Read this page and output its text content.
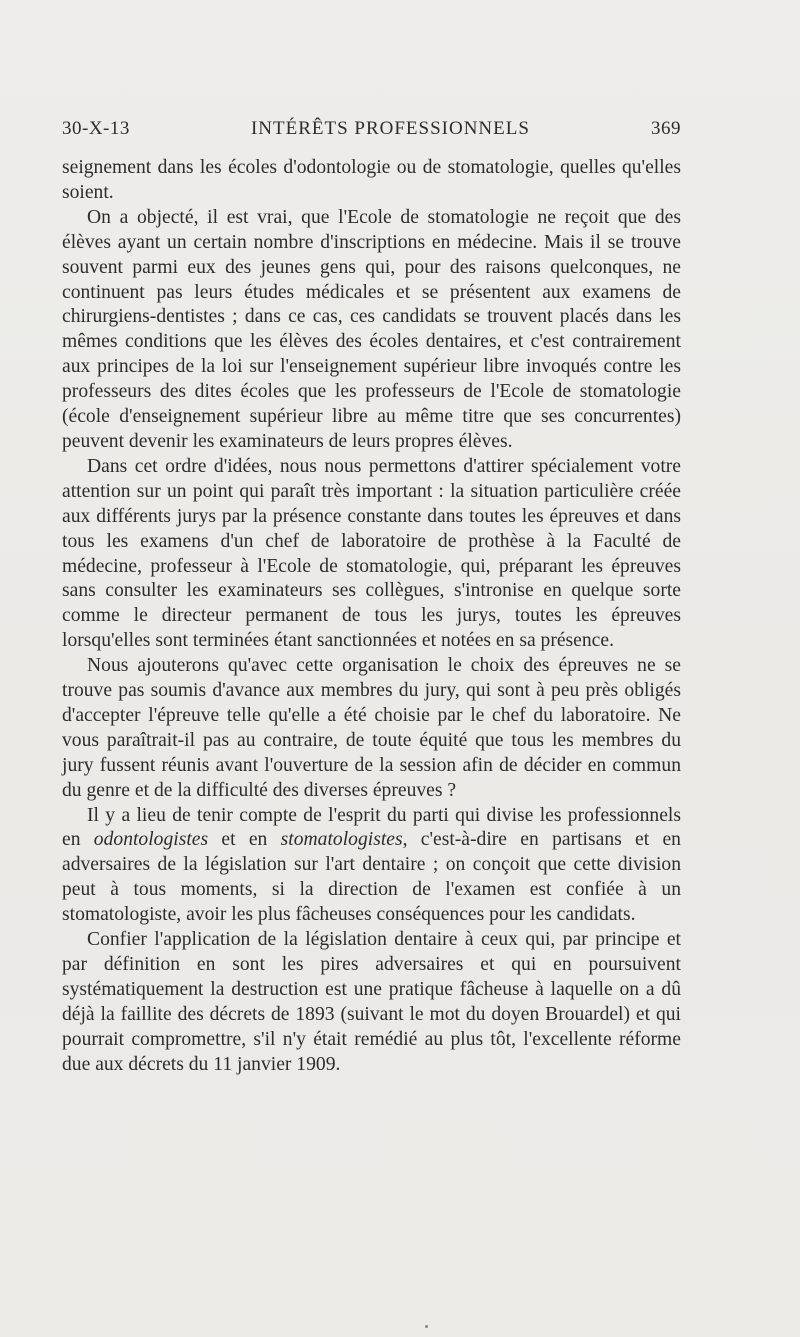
30-X-13	INTÉRÊTS PROFESSIONNELS	369

seignement dans les écoles d'odontologie ou de stomatologie, quelles qu'elles soient.

On a objecté, il est vrai, que l'Ecole de stomatologie ne reçoit que des élèves ayant un certain nombre d'inscriptions en médecine. Mais il se trouve souvent parmi eux des jeunes gens qui, pour des raisons quelconques, ne continuent pas leurs études médicales et se présentent aux examens de chirurgiens-dentistes ; dans ce cas, ces candidats se trouvent placés dans les mêmes conditions que les élèves des écoles dentaires, et c'est contrairement aux principes de la loi sur l'enseignement supérieur libre invoqués contre les professeurs des dites écoles que les professeurs de l'Ecole de stomatologie (école d'enseignement supérieur libre au même titre que ses concurrentes) peuvent devenir les examinateurs de leurs propres élèves.

Dans cet ordre d'idées, nous nous permettons d'attirer spécialement votre attention sur un point qui paraît très important : la situation particulière créée aux différents jurys par la présence constante dans toutes les épreuves et dans tous les examens d'un chef de laboratoire de prothèse à la Faculté de médecine, professeur à l'Ecole de stomatologie, qui, préparant les épreuves sans consulter les examinateurs ses collègues, s'intronise en quelque sorte comme le directeur permanent de tous les jurys, toutes les épreuves lorsqu'elles sont terminées étant sanctionnées et notées en sa présence.

Nous ajouterons qu'avec cette organisation le choix des épreuves ne se trouve pas soumis d'avance aux membres du jury, qui sont à peu près obligés d'accepter l'épreuve telle qu'elle a été choisie par le chef du laboratoire. Ne vous paraîtrait-il pas au contraire, de toute équité que tous les membres du jury fussent réunis avant l'ouverture de la session afin de décider en commun du genre et de la difficulté des diverses épreuves ?

Il y a lieu de tenir compte de l'esprit du parti qui divise les professionnels en odontologistes et en stomatologistes, c'est-à-dire en partisans et en adversaires de la législation sur l'art dentaire ; on conçoit que cette division peut à tous moments, si la direction de l'examen est confiée à un stomatologiste, avoir les plus fâcheuses conséquences pour les candidats.

Confier l'application de la législation dentaire à ceux qui, par principe et par définition en sont les pires adversaires et qui en poursuivent systématiquement la destruction est une pratique fâcheuse à laquelle on a dû déjà la faillite des décrets de 1893 (suivant le mot du doyen Brouardel) et qui pourrait compromettre, s'il n'y était remédié au plus tôt, l'excellente réforme due aux décrets du 11 janvier 1909.
